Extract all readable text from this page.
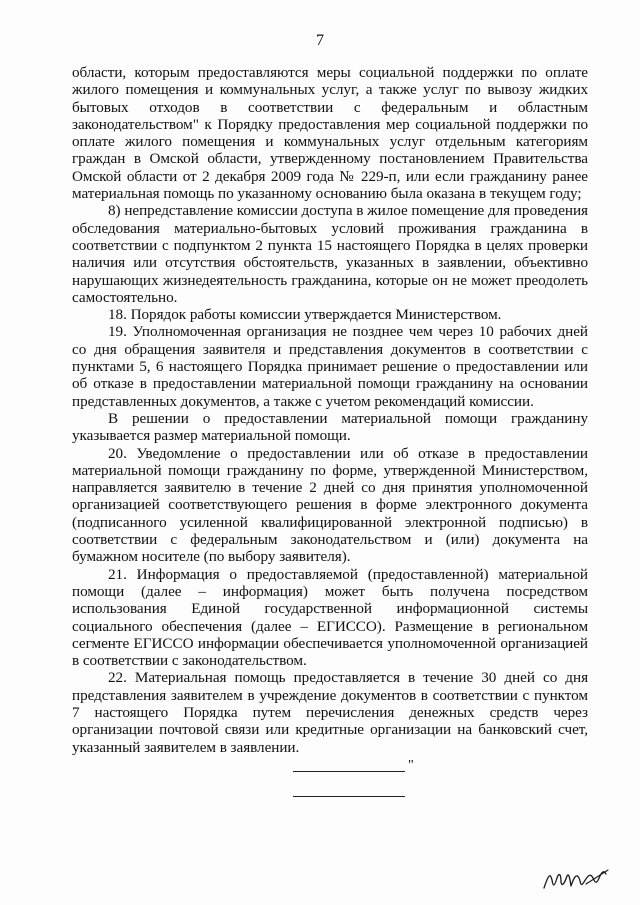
7

области, которым предоставляются меры социальной поддержки по оплате жилого помещения и коммунальных услуг, а также услуг по вывозу жидких бытовых отходов в соответствии с федеральным и областным законодательством" к Порядку предоставления мер социальной поддержки по оплате жилого помещения и коммунальных услуг отдельным категориям граждан в Омской области, утвержденному постановлением Правительства Омской области от 2 декабря 2009 года № 229-п, или если гражданину ранее материальная помощь по указанному основанию была оказана в текущем году;

8) непредставление комиссии доступа в жилое помещение для проведения обследования материально-бытовых условий проживания гражданина в соответствии с подпунктом 2 пункта 15 настоящего Порядка в целях проверки наличия или отсутствия обстоятельств, указанных в заявлении, объективно нарушающих жизнедеятельность гражданина, которые он не может преодолеть самостоятельно.

18. Порядок работы комиссии утверждается Министерством.

19. Уполномоченная организация не позднее чем через 10 рабочих дней со дня обращения заявителя и представления документов в соответствии с пунктами 5, 6 настоящего Порядка принимает решение о предоставлении или об отказе в предоставлении материальной помощи гражданину на основании представленных документов, а также с учетом рекомендаций комиссии.

В решении о предоставлении материальной помощи гражданину указывается размер материальной помощи.

20. Уведомление о предоставлении или об отказе в предоставлении материальной помощи гражданину по форме, утвержденной Министерством, направляется заявителю в течение 2 дней со дня принятия уполномоченной организацией соответствующего решения в форме электронного документа (подписанного усиленной квалифицированной электронной подписью) в соответствии с федеральным законодательством и (или) документа на бумажном носителе (по выбору заявителя).

21. Информация о предоставляемой (предоставленной) материальной помощи (далее – информация) может быть получена посредством использования Единой государственной информационной системы социального обеспечения (далее – ЕГИССО). Размещение в региональном сегменте ЕГИССО информации обеспечивается уполномоченной организацией в соответствии с законодательством.

22. Материальная помощь предоставляется в течение 30 дней со дня представления заявителем в учреждение документов в соответствии с пунктом 7 настоящего Порядка путем перечисления денежных средств через организации почтовой связи или кредитные организации на банковский счет, указанный заявителем в заявлении.

"
